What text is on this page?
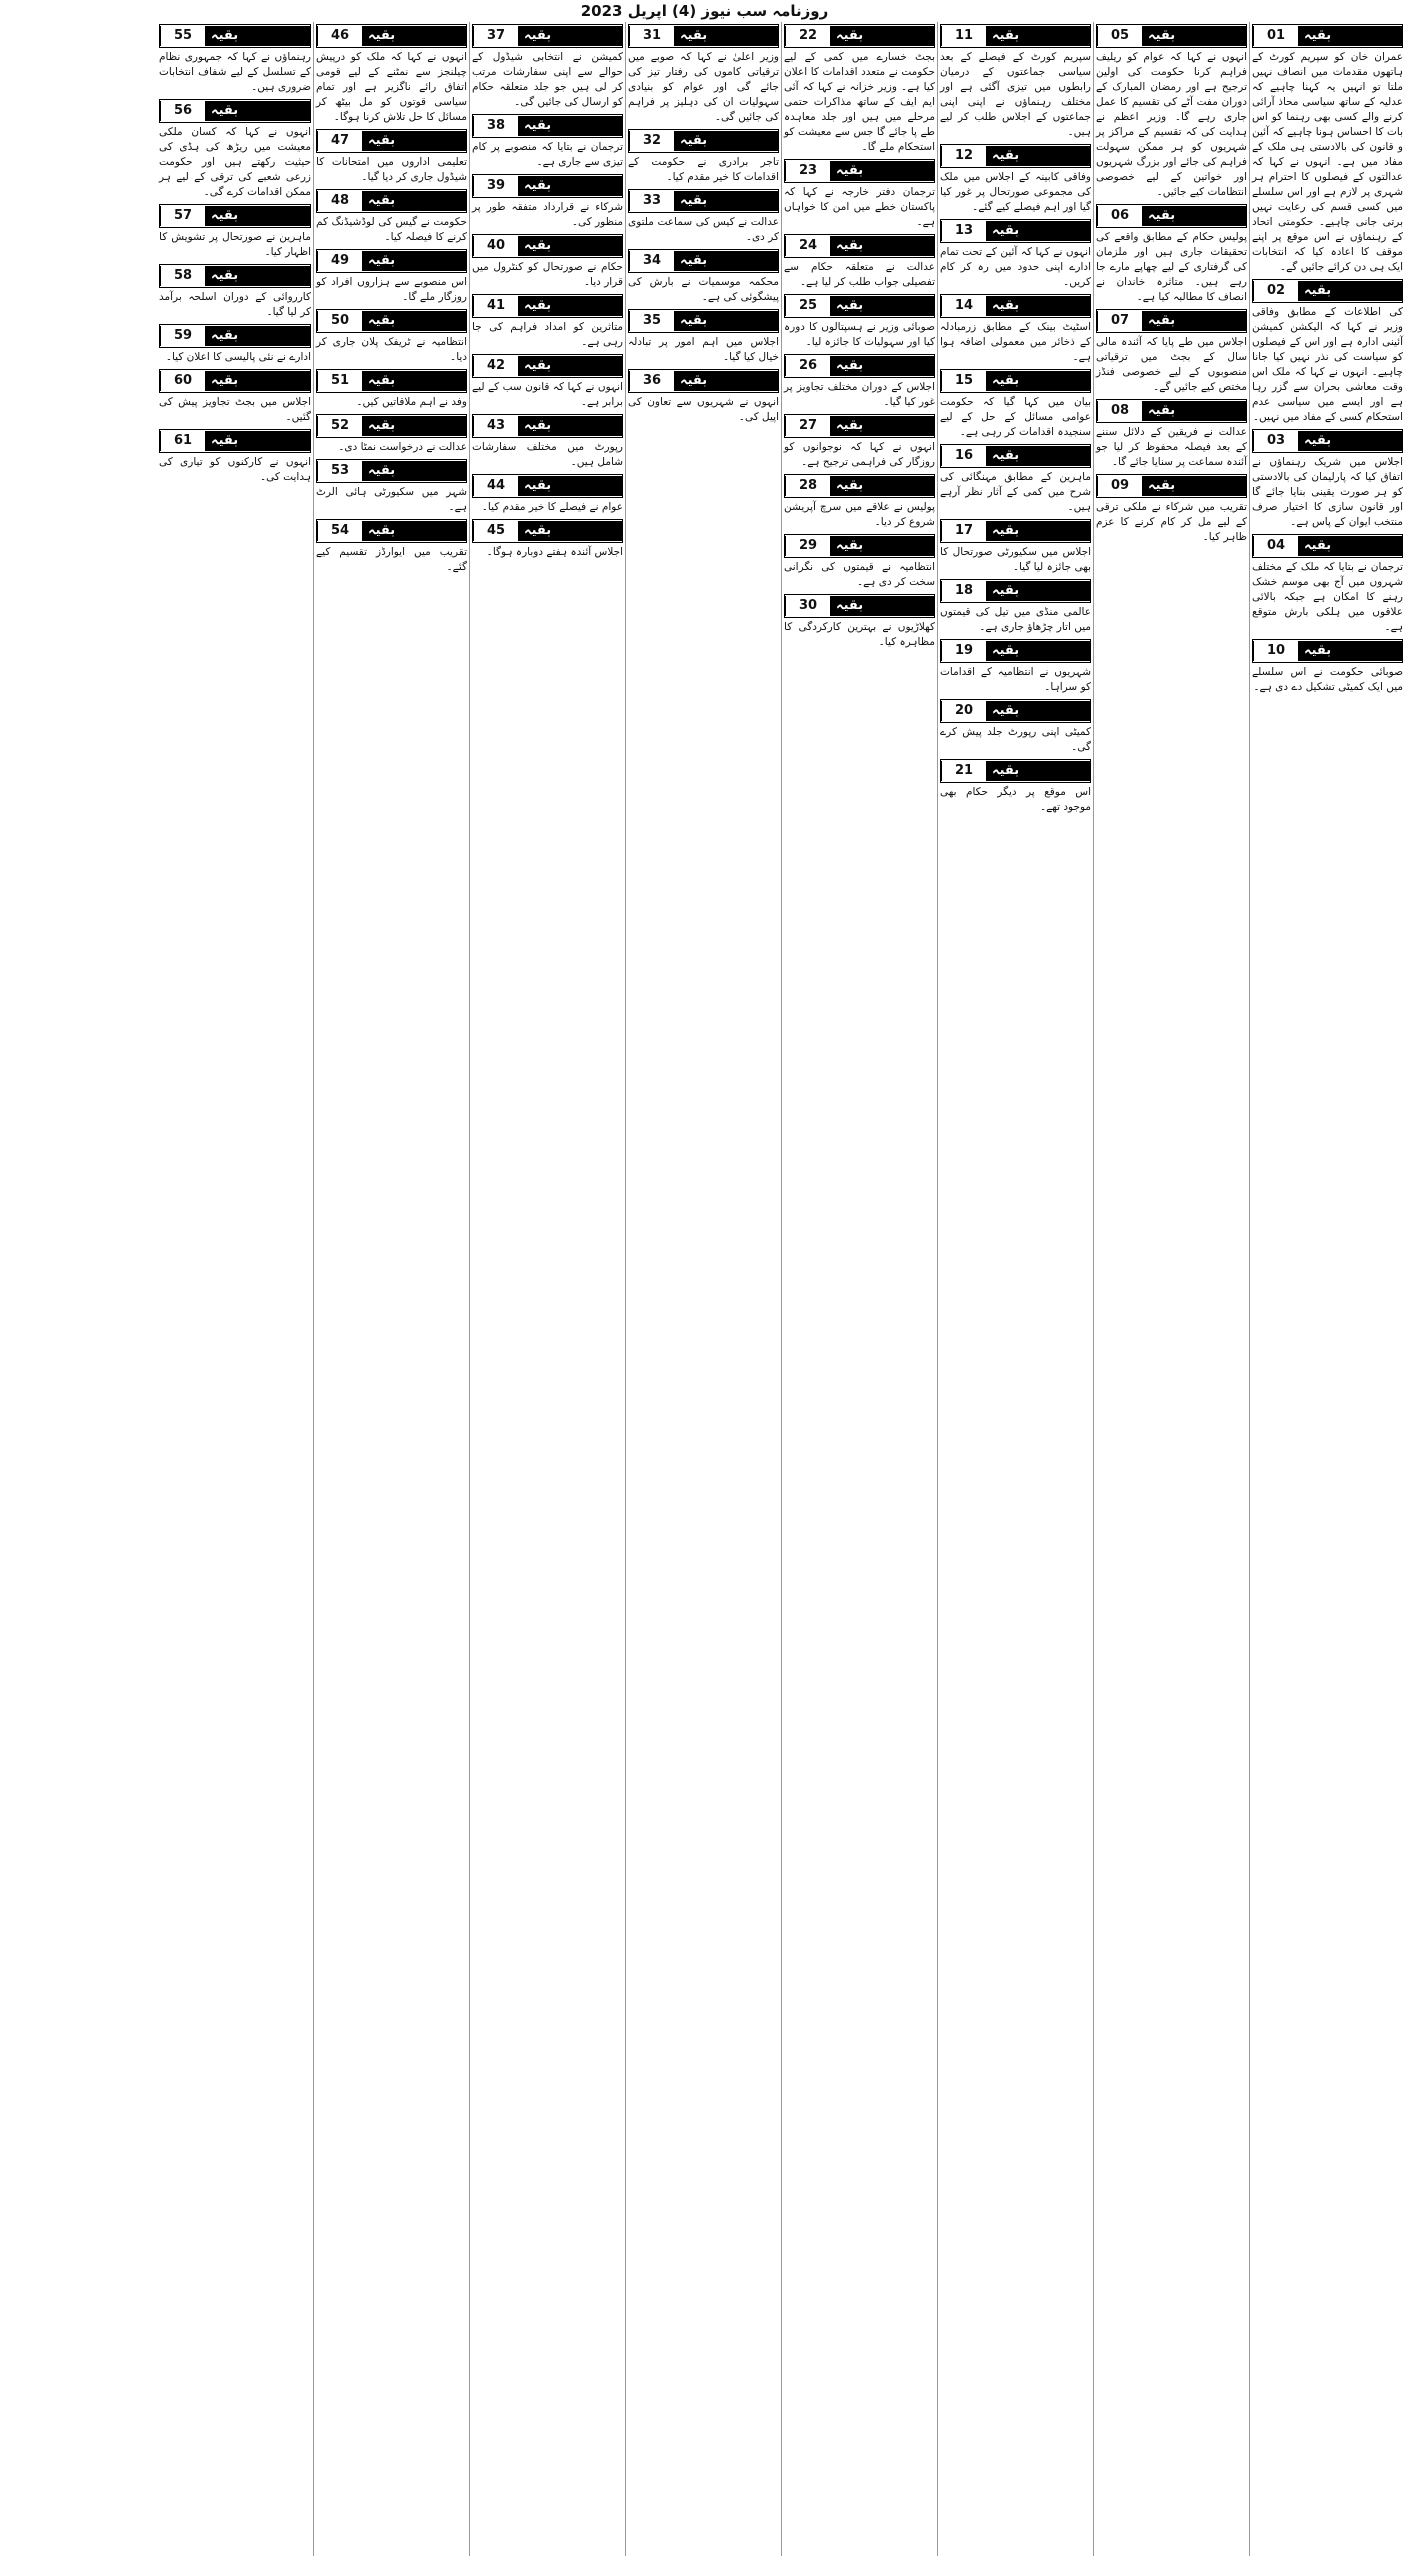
روزنامہ سب نیوز (4) اپریل 2023
01	بقیہ

عمران خان کو سپریم کورٹ کے ہاتھوں مقدمات میں انصاف نہیں ملتا تو انہیں یہ کہنا چاہیے کہ عدلیہ کے ساتھ سیاسی محاذ آرائی کرنے والے کسی بھی رہنما کو اس بات کا احساس ہونا چاہیے کہ آئین و قانون کی بالادستی ہی ملک کے مفاد میں ہے۔ انہوں نے کہا کہ عدالتوں کے فیصلوں کا احترام ہر شہری پر لازم ہے اور اس سلسلے میں کسی قسم کی رعایت نہیں برتی جانی چاہیے۔ حکومتی اتحاد کے رہنماؤں نے اس موقع پر اپنے موقف کا اعادہ کیا کہ انتخابات ایک ہی دن کرائے جائیں گے۔

02	بقیہ

کی اطلاعات کے مطابق وفاقی وزیر نے کہا کہ الیکشن کمیشن آئینی ادارہ ہے اور اس کے فیصلوں کو سیاست کی نذر نہیں کیا جانا چاہیے۔ انہوں نے کہا کہ ملک اس وقت معاشی بحران سے گزر رہا ہے اور ایسے میں سیاسی عدم استحکام کسی کے مفاد میں نہیں۔

03	بقیہ

اجلاس میں شریک رہنماؤں نے اتفاق کیا کہ پارلیمان کی بالادستی کو ہر صورت یقینی بنایا جائے گا اور قانون سازی کا اختیار صرف منتخب ایوان کے پاس ہے۔

04	بقیہ

ترجمان نے بتایا کہ ملک کے مختلف شہروں میں آج بھی موسم خشک رہنے کا امکان ہے جبکہ بالائی علاقوں میں ہلکی بارش متوقع ہے۔

10	بقیہ

صوبائی حکومت نے اس سلسلے میں ایک کمیٹی تشکیل دے دی ہے۔

05	بقیہ

انہوں نے کہا کہ عوام کو ریلیف فراہم کرنا حکومت کی اولین ترجیح ہے اور رمضان المبارک کے دوران مفت آٹے کی تقسیم کا عمل جاری رہے گا۔ وزیر اعظم نے ہدایت کی کہ تقسیم کے مراکز پر شہریوں کو ہر ممکن سہولت فراہم کی جائے اور بزرگ شہریوں اور خواتین کے لیے خصوصی انتظامات کیے جائیں۔

06	بقیہ

پولیس حکام کے مطابق واقعے کی تحقیقات جاری ہیں اور ملزمان کی گرفتاری کے لیے چھاپے مارے جا رہے ہیں۔ متاثرہ خاندان نے انصاف کا مطالبہ کیا ہے۔

07	بقیہ

اجلاس میں طے پایا کہ آئندہ مالی سال کے بجٹ میں ترقیاتی منصوبوں کے لیے خصوصی فنڈز مختص کیے جائیں گے۔

08	بقیہ

عدالت نے فریقین کے دلائل سننے کے بعد فیصلہ محفوظ کر لیا جو آئندہ سماعت پر سنایا جائے گا۔

09	بقیہ

تقریب میں شرکاء نے ملکی ترقی کے لیے مل کر کام کرنے کا عزم ظاہر کیا۔

11	بقیہ

سپریم کورٹ کے فیصلے کے بعد سیاسی جماعتوں کے درمیان رابطوں میں تیزی آگئی ہے اور مختلف رہنماؤں نے اپنی اپنی جماعتوں کے اجلاس طلب کر لیے ہیں۔

12	بقیہ

وفاقی کابینہ کے اجلاس میں ملک کی مجموعی صورتحال پر غور کیا گیا اور اہم فیصلے کیے گئے۔

13	بقیہ

انہوں نے کہا کہ آئین کے تحت تمام ادارے اپنی حدود میں رہ کر کام کریں۔

14	بقیہ

اسٹیٹ بینک کے مطابق زرمبادلہ کے ذخائر میں معمولی اضافہ ہوا ہے۔

15	بقیہ

بیان میں کہا گیا کہ حکومت عوامی مسائل کے حل کے لیے سنجیدہ اقدامات کر رہی ہے۔

16	بقیہ

ماہرین کے مطابق مہنگائی کی شرح میں کمی کے آثار نظر آرہے ہیں۔

17	بقیہ

اجلاس میں سکیورٹی صورتحال کا بھی جائزہ لیا گیا۔

18	بقیہ

عالمی منڈی میں تیل کی قیمتوں میں اتار چڑھاؤ جاری ہے۔

19	بقیہ

شہریوں نے انتظامیہ کے اقدامات کو سراہا۔

20	بقیہ

کمیٹی اپنی رپورٹ جلد پیش کرے گی۔

21	بقیہ

اس موقع پر دیگر حکام بھی موجود تھے۔

22	بقیہ

بجٹ خسارے میں کمی کے لیے حکومت نے متعدد اقدامات کا اعلان کیا ہے۔ وزیر خزانہ نے کہا کہ آئی ایم ایف کے ساتھ مذاکرات حتمی مرحلے میں ہیں اور جلد معاہدہ طے پا جائے گا جس سے معیشت کو استحکام ملے گا۔

23	بقیہ

ترجمان دفتر خارجہ نے کہا کہ پاکستان خطے میں امن کا خواہاں ہے۔

24	بقیہ

عدالت نے متعلقہ حکام سے تفصیلی جواب طلب کر لیا ہے۔

25	بقیہ

صوبائی وزیر نے ہسپتالوں کا دورہ کیا اور سہولیات کا جائزہ لیا۔

26	بقیہ

اجلاس کے دوران مختلف تجاویز پر غور کیا گیا۔

27	بقیہ

انہوں نے کہا کہ نوجوانوں کو روزگار کی فراہمی ترجیح ہے۔

28	بقیہ

پولیس نے علاقے میں سرچ آپریشن شروع کر دیا۔

29	بقیہ

انتظامیہ نے قیمتوں کی نگرانی سخت کر دی ہے۔

30	بقیہ

کھلاڑیوں نے بہترین کارکردگی کا مظاہرہ کیا۔

31	بقیہ

وزیر اعلیٰ نے کہا کہ صوبے میں ترقیاتی کاموں کی رفتار تیز کی جائے گی اور عوام کو بنیادی سہولیات ان کی دہلیز پر فراہم کی جائیں گی۔

32	بقیہ

تاجر برادری نے حکومت کے اقدامات کا خیر مقدم کیا۔

33	بقیہ

عدالت نے کیس کی سماعت ملتوی کر دی۔

34	بقیہ

محکمہ موسمیات نے بارش کی پیشگوئی کی ہے۔

35	بقیہ

اجلاس میں اہم امور پر تبادلہ خیال کیا گیا۔

36	بقیہ

انہوں نے شہریوں سے تعاون کی اپیل کی۔

37	بقیہ

کمیشن نے انتخابی شیڈول کے حوالے سے اپنی سفارشات مرتب کر لی ہیں جو جلد متعلقہ حکام کو ارسال کی جائیں گی۔

38	بقیہ

ترجمان نے بتایا کہ منصوبے پر کام تیزی سے جاری ہے۔

39	بقیہ

شرکاء نے قرارداد متفقہ طور پر منظور کی۔

40	بقیہ

حکام نے صورتحال کو کنٹرول میں قرار دیا۔

41	بقیہ

متاثرین کو امداد فراہم کی جا رہی ہے۔

42	بقیہ

انہوں نے کہا کہ قانون سب کے لیے برابر ہے۔

43	بقیہ

رپورٹ میں مختلف سفارشات شامل ہیں۔

44	بقیہ

عوام نے فیصلے کا خیر مقدم کیا۔

45	بقیہ

اجلاس آئندہ ہفتے دوبارہ ہوگا۔

46	بقیہ

انہوں نے کہا کہ ملک کو درپیش چیلنجز سے نمٹنے کے لیے قومی اتفاق رائے ناگزیر ہے اور تمام سیاسی قوتوں کو مل بیٹھ کر مسائل کا حل تلاش کرنا ہوگا۔

47	بقیہ

تعلیمی اداروں میں امتحانات کا شیڈول جاری کر دیا گیا۔

48	بقیہ

حکومت نے گیس کی لوڈشیڈنگ کم کرنے کا فیصلہ کیا۔

49	بقیہ

اس منصوبے سے ہزاروں افراد کو روزگار ملے گا۔

50	بقیہ

انتظامیہ نے ٹریفک پلان جاری کر دیا۔

51	بقیہ

وفد نے اہم ملاقاتیں کیں۔

52	بقیہ

عدالت نے درخواست نمٹا دی۔

53	بقیہ

شہر میں سکیورٹی ہائی الرٹ ہے۔

54	بقیہ

تقریب میں ایوارڈز تقسیم کیے گئے۔

55	بقیہ

رہنماؤں نے کہا کہ جمہوری نظام کے تسلسل کے لیے شفاف انتخابات ضروری ہیں۔

56	بقیہ

انہوں نے کہا کہ کسان ملکی معیشت میں ریڑھ کی ہڈی کی حیثیت رکھتے ہیں اور حکومت زرعی شعبے کی ترقی کے لیے ہر ممکن اقدامات کرے گی۔

57	بقیہ

ماہرین نے صورتحال پر تشویش کا اظہار کیا۔

58	بقیہ

کارروائی کے دوران اسلحہ برآمد کر لیا گیا۔

59	بقیہ

ادارے نے نئی پالیسی کا اعلان کیا۔

60	بقیہ

اجلاس میں بجٹ تجاویز پیش کی گئیں۔

61	بقیہ

انہوں نے کارکنوں کو تیاری کی ہدایت کی۔
